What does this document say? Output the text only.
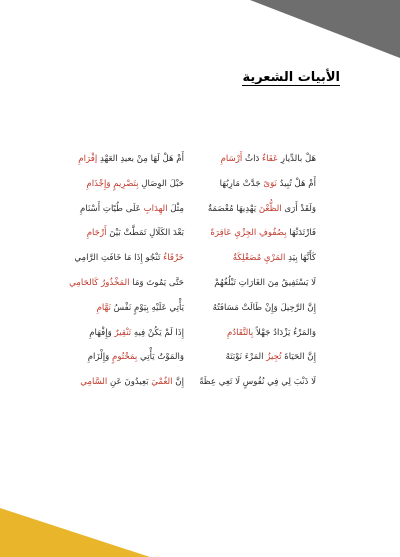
الأبيات الشعرية
هَلْ بالدِّيارِ عَفَاءٌ دَاثُ أَرْسَامِ
أَمْ هَلْ لَهَا مِنْ بعيدِ العَهْدِ إقْرَامِ
أَمْ هَلْ تُبِيدُ نَوَىً جَدَّتْ مَارِبُهَا
حَبْلَ الوِصَالِ بِتَصْرِيمٍ وَإِجْذَامِ
وَلَقَدْ أَرَى الظُّعْنَ يَهْدِيهَا مُعْصَمَةٌ
مِثْلَ الهِدَابِ عَلَى طُيّاتِ أَسْنَامِ
فَارْتَدَتْهَا بِصُفُوفِ الجِزْيِ عَاقِرَةً
بَعْدَ الكَلَالِ تَمَطَّتْ بَيْنَ أَرْجَامِ
كَأَنَّهَا بِيَدِ المَرْيِ مُصَعْلِكَةٌ
خَرْقَاءُ تَنْجُو إِذَا مَا خَافَتِ الرَّامِي
لَا يَسْتَفِيقُ مِنَ الغَارَاتِ تَبْلُغُهُمْ
حَتَّى يَمُوتَ وَمَا المَخْذُورُ كَالحَامِي
إِنَّ الرَّحِيلَ وَإِنْ طَالَتْ مَسَافَتُهُ
يَأْتِي عَلَيْهِ بِيَوْمٍ نَفْسُ نَهَّامِ
وَالمَرْءُ يَزْدَادُ جَهْلاً بِالتَّقَادُمِ
إِذَا لَمْ يَكُنْ فِيهِ تَنْقِيرٌ وَإِفْهَامِ
إِنَّ الحَيَاةَ تُجِيزُ المَرْءَ نَوْبَتَهُ
وَالمَوْتُ يَأْتِي بِمَحْتُومٍ وَإِلْزَامِ
لَا ذَنْبَ لِي فِي نُفُوسٍ لَا تَعِي عِظَةً
إِنَّ الغُمْيَ بَعِيدُونَ عَنِ السَّامِي
